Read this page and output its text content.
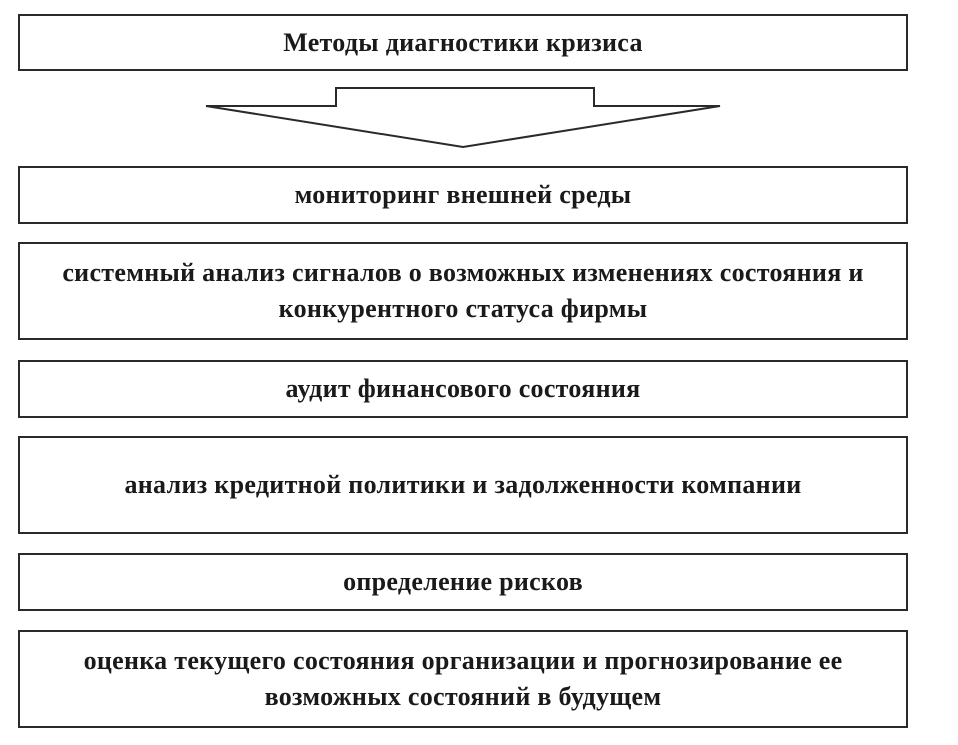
Методы диагностики кризиса
мониторинг внешней среды
системный анализ сигналов о возможных изменениях состояния и конкурентного статуса фирмы
аудит финансового состояния
анализ кредитной политики и задолженности компании
определение рисков
оценка текущего состояния организации и прогнозирование ее возможных состояний в будущем
